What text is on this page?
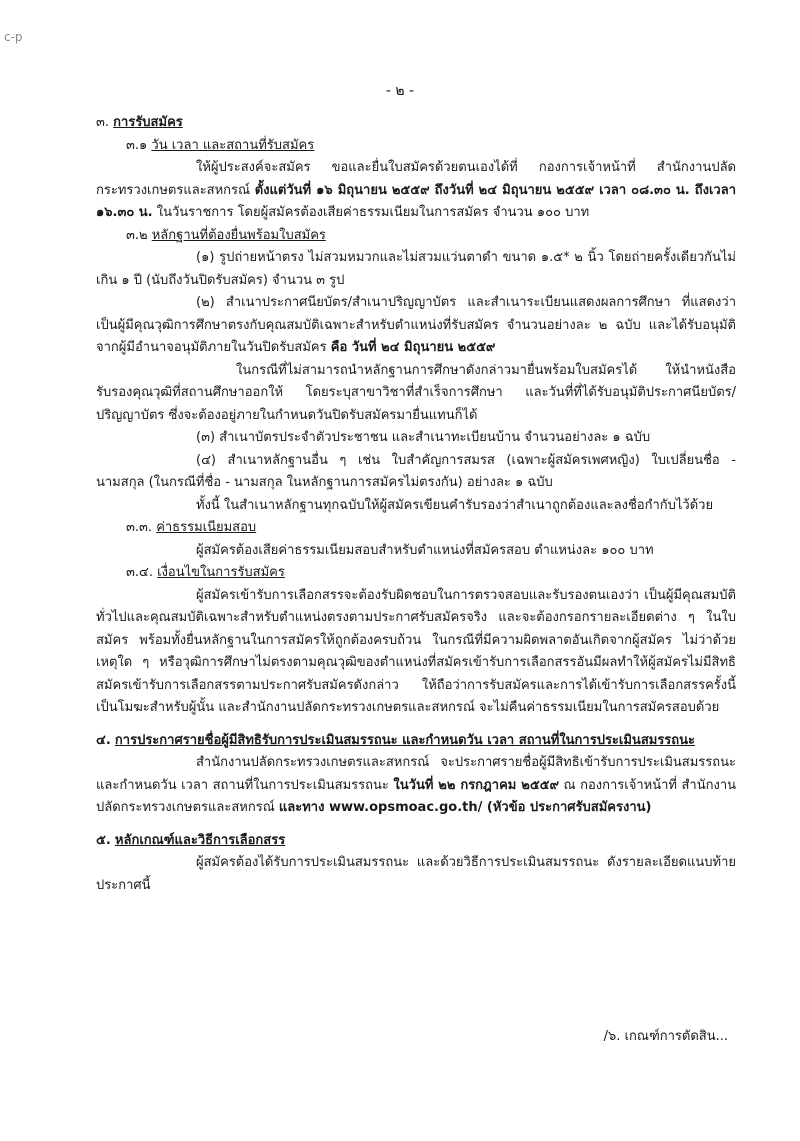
c-p
- ๒ -

๓. การรับสมัคร

๓.๑ วัน เวลา และสถานที่รับสมัคร

ให้ผู้ประสงค์จะสมัคร ขอและยื่นใบสมัครด้วยตนเองได้ที่ กองการเจ้าหน้าที่ สำนักงานปลัดกระทรวงเกษตรและสหกรณ์ ตั้งแต่วันที่ ๑๖ มิถุนายน ๒๕๕๙ ถึงวันที่ ๒๔ มิถุนายน ๒๕๕๙ เวลา ๐๘.๓๐ น. ถึงเวลา ๑๖.๓๐ น. ในวันราชการ โดยผู้สมัครต้องเสียค่าธรรมเนียมในการสมัคร จำนวน ๑๐๐ บาท

๓.๒ หลักฐานที่ต้องยื่นพร้อมใบสมัคร

(๑) รูปถ่ายหน้าตรง ไม่สวมหมวกและไม่สวมแว่นตาดำ ขนาด ๑.๕* ๒ นิ้ว โดยถ่ายครั้งเดียวกันไม่เกิน ๑ ปี (นับถึงวันปิดรับสมัคร) จำนวน ๓ รูป

(๒) สำเนาประกาศนียบัตร/สำเนาปริญญาบัตร และสำเนาระเบียนแสดงผลการศึกษา ที่แสดงว่าเป็นผู้มีคุณวุฒิการศึกษาตรงกับคุณสมบัติเฉพาะสำหรับตำแหน่งที่รับสมัคร จำนวนอย่างละ ๒ ฉบับ และได้รับอนุมัติจากผู้มีอำนาจอนุมัติภายในวันปิดรับสมัคร คือ วันที่ ๒๔ มิถุนายน ๒๕๕๙

ในกรณีที่ไม่สามารถนำหลักฐานการศึกษาดังกล่าวมายื่นพร้อมใบสมัครได้ ให้นำหนังสือรับรองคุณวุฒิที่สถานศึกษาออกให้ โดยระบุสาขาวิชาที่สำเร็จการศึกษา และวันที่ที่ได้รับอนุมัติประกาศนียบัตร/ปริญญาบัตร ซึ่งจะต้องอยู่ภายในกำหนดวันปิดรับสมัครมายื่นแทนก็ได้

(๓) สำเนาบัตรประจำตัวประชาชน และสำเนาทะเบียนบ้าน จำนวนอย่างละ ๑ ฉบับ

(๔) สำเนาหลักฐานอื่น ๆ เช่น ใบสำคัญการสมรส (เฉพาะผู้สมัครเพศหญิง) ใบเปลี่ยนชื่อ - นามสกุล (ในกรณีที่ชื่อ - นามสกุล ในหลักฐานการสมัครไม่ตรงกัน) อย่างละ ๑ ฉบับ

ทั้งนี้ ในสำเนาหลักฐานทุกฉบับให้ผู้สมัครเขียนคำรับรองว่าสำเนาถูกต้องและลงชื่อกำกับไว้ด้วย

๓.๓. ค่าธรรมเนียมสอบ

ผู้สมัครต้องเสียค่าธรรมเนียมสอบสำหรับตำแหน่งที่สมัครสอบ ตำแหน่งละ ๑๐๐ บาท

๓.๔. เงื่อนไขในการรับสมัคร

ผู้สมัครเข้ารับการเลือกสรรจะต้องรับผิดชอบในการตรวจสอบและรับรองตนเองว่า เป็นผู้มีคุณสมบัติทั่วไปและคุณสมบัติเฉพาะสำหรับตำแหน่งตรงตามประกาศรับสมัครจริง และจะต้องกรอกรายละเอียดต่าง ๆ ในใบสมัคร พร้อมทั้งยื่นหลักฐานในการสมัครให้ถูกต้องครบถ้วน ในกรณีที่มีความผิดพลาดอันเกิดจากผู้สมัคร ไม่ว่าด้วยเหตุใด ๆ หรือวุฒิการศึกษาไม่ตรงตามคุณวุฒิของตำแหน่งที่สมัครเข้ารับการเลือกสรรอันมีผลทำให้ผู้สมัครไม่มีสิทธิสมัครเข้ารับการเลือกสรรตามประกาศรับสมัครดังกล่าว ให้ถือว่าการรับสมัครและการได้เข้ารับการเลือกสรรครั้งนี้เป็นโมฆะสำหรับผู้นั้น และสำนักงานปลัดกระทรวงเกษตรและสหกรณ์ จะไม่คืนค่าธรรมเนียมในการสมัครสอบด้วย

๔. การประกาศรายชื่อผู้มีสิทธิรับการประเมินสมรรถนะ และกำหนดวัน เวลา สถานที่ในการประเมินสมรรถนะ

สำนักงานปลัดกระทรวงเกษตรและสหกรณ์ จะประกาศรายชื่อผู้มีสิทธิเข้ารับการประเมินสมรรถนะ และกำหนดวัน เวลา สถานที่ในการประเมินสมรรถนะ ในวันที่ ๒๒ กรกฎาคม ๒๕๕๙ ณ กองการเจ้าหน้าที่ สำนักงานปลัดกระทรวงเกษตรและสหกรณ์ และทาง www.opsmoac.go.th/ (หัวข้อ ประกาศรับสมัครงาน)

๕. หลักเกณฑ์และวิธีการเลือกสรร

ผู้สมัครต้องได้รับการประเมินสมรรถนะ และด้วยวิธีการประเมินสมรรถนะ ดังรายละเอียดแนบท้ายประกาศนี้

/๖. เกณฑ์การตัดสิน...
